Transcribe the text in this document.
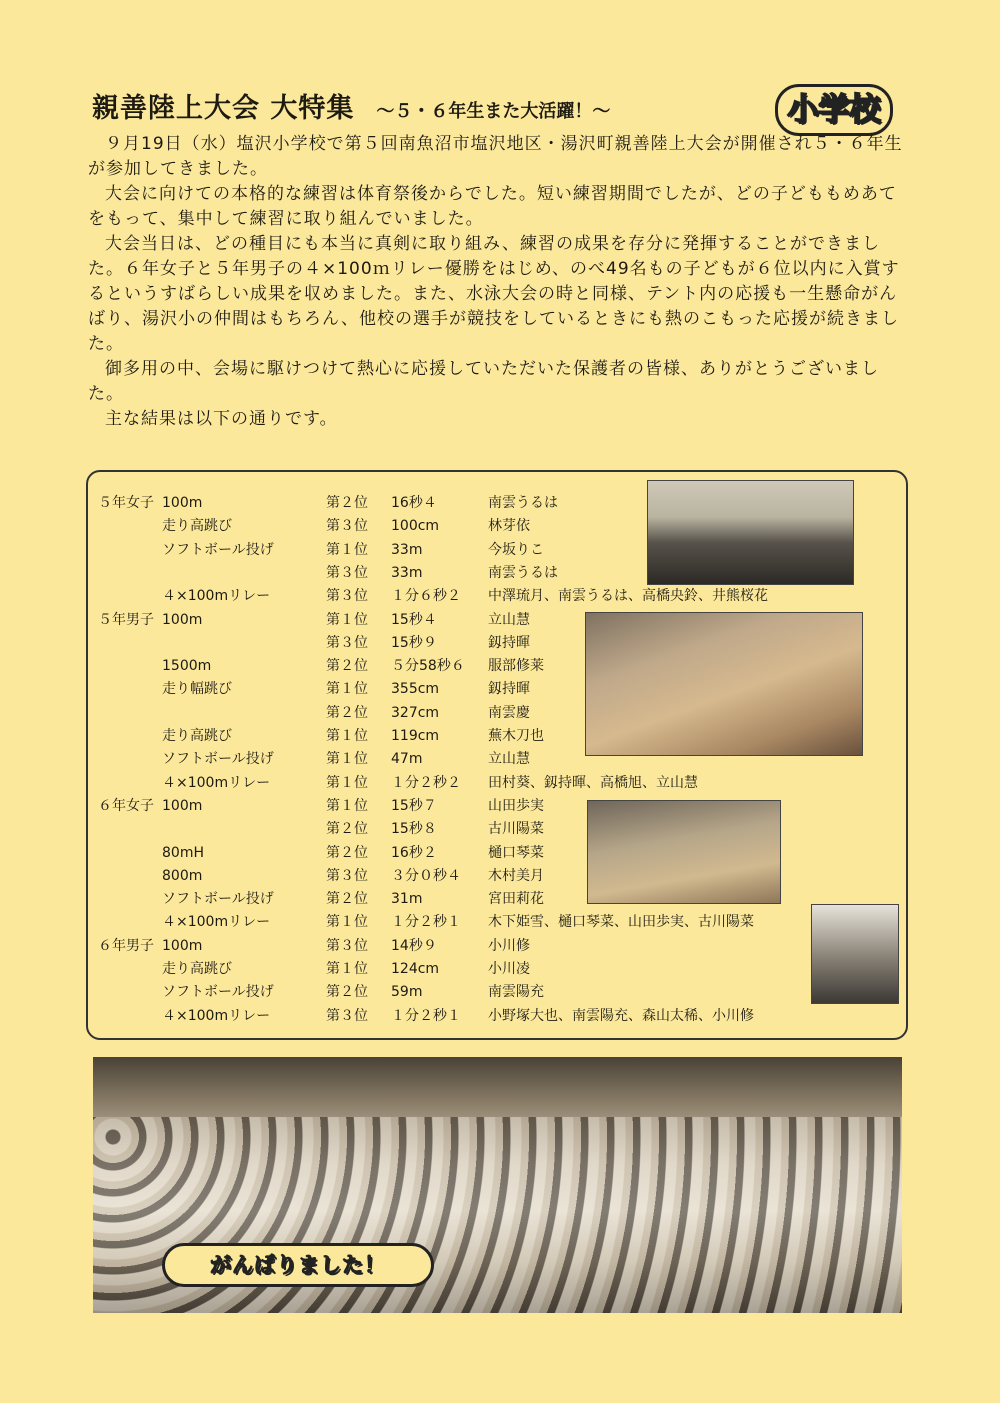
親善陸上大会 大特集 ～５・６年生また大活躍！～	小学校

９月19日（水）塩沢小学校で第５回南魚沼市塩沢地区・湯沢町親善陸上大会が開催され５・６年生が参加してきました。

大会に向けての本格的な練習は体育祭後からでした。短い練習期間でしたが、どの子どももめあてをもって、集中して練習に取り組んでいました。

大会当日は、どの種目にも本当に真剣に取り組み、練習の成果を存分に発揮することができました。６年女子と５年男子の４×100ｍリレー優勝をはじめ、のべ49名もの子どもが６位以内に入賞するというすばらしい成果を収めました。また、水泳大会の時と同様、テント内の応援も一生懸命がんばり、湯沢小の仲間はもちろん、他校の選手が競技をしているときにも熱のこもった応援が続きました。

御多用の中、会場に駆けつけて熱心に応援していただいた保護者の皆様、ありがとうございました。

主な結果は以下の通りです。

５年女子 100m	第２位 16秒４	南雲うるは
走り高跳び	第３位 100cm	林芽依
ソフトボール投げ	第１位 33m	今坂りこ
第３位 33m	南雲うるは
４×100mリレー	第３位 １分６秒２ 中澤琉月、南雲うるは、高橋央鈴、井熊桜花
５年男子 100m	第１位 15秒４	立山慧
第３位 15秒９	釼持暉
1500m	第２位 ５分58秒６ 服部修莱
走り幅跳び	第１位 355cm	釼持暉
第２位 327cm	南雲慶
走り高跳び	第１位 119cm	蕪木刀也
ソフトボール投げ	第１位 47m	立山慧
４×100mリレー	第１位 １分２秒２ 田村葵、釼持暉、高橋旭、立山慧
６年女子 100m	第１位 15秒７	山田歩実
第２位 15秒８	古川陽菜
80mH	第２位 16秒２	樋口琴菜
800m	第３位 ３分０秒４ 木村美月
ソフトボール投げ	第２位 31m	宮田莉花
４×100mリレー	第１位 １分２秒１ 木下姫雪、樋口琴菜、山田歩実、古川陽菜
６年男子 100m	第３位 14秒９	小川修
走り高跳び	第１位 124cm	小川凌
ソフトボール投げ	第２位 59m	南雲陽充
４×100mリレー	第３位 １分２秒１ 小野塚大也、南雲陽充、森山太稀、小川修
がんばりました！
